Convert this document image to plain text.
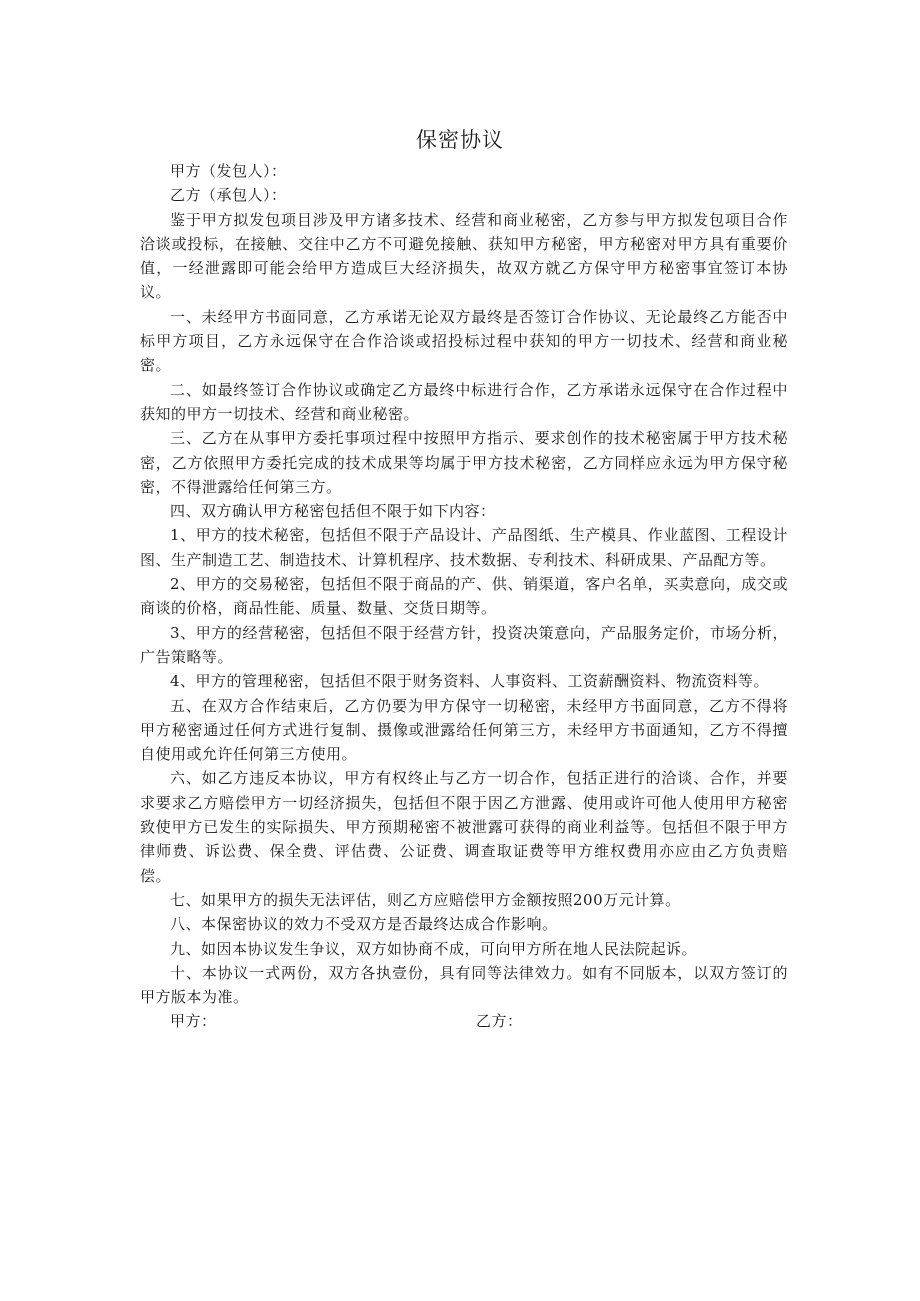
保密协议

甲方（发包人）：

乙方（承包人）：

鉴于甲方拟发包项目涉及甲方诸多技术、经营和商业秘密，乙方参与甲方拟发包项目合作洽谈或投标，在接触、交往中乙方不可避免接触、获知甲方秘密，甲方秘密对甲方具有重要价值，一经泄露即可能会给甲方造成巨大经济损失，故双方就乙方保守甲方秘密事宜签订本协议。

一、未经甲方书面同意，乙方承诺无论双方最终是否签订合作协议、无论最终乙方能否中标甲方项目，乙方永远保守在合作洽谈或招投标过程中获知的甲方一切技术、经营和商业秘密。

二、如最终签订合作协议或确定乙方最终中标进行合作，乙方承诺永远保守在合作过程中获知的甲方一切技术、经营和商业秘密。

三、乙方在从事甲方委托事项过程中按照甲方指示、要求创作的技术秘密属于甲方技术秘密，乙方依照甲方委托完成的技术成果等均属于甲方技术秘密，乙方同样应永远为甲方保守秘密，不得泄露给任何第三方。

四、双方确认甲方秘密包括但不限于如下内容：

1、甲方的技术秘密，包括但不限于产品设计、产品图纸、生产模具、作业蓝图、工程设计图、生产制造工艺、制造技术、计算机程序、技术数据、专利技术、科研成果、产品配方等。

2、甲方的交易秘密，包括但不限于商品的产、供、销渠道，客户名单，买卖意向，成交或商谈的价格，商品性能、质量、数量、交货日期等。

3、甲方的经营秘密，包括但不限于经营方针，投资决策意向，产品服务定价，市场分析，广告策略等。

4、甲方的管理秘密，包括但不限于财务资料、人事资料、工资薪酬资料、物流资料等。

五、在双方合作结束后，乙方仍要为甲方保守一切秘密，未经甲方书面同意，乙方不得将甲方秘密通过任何方式进行复制、摄像或泄露给任何第三方，未经甲方书面通知，乙方不得擅自使用或允许任何第三方使用。

六、如乙方违反本协议，甲方有权终止与乙方一切合作，包括正进行的洽谈、合作，并要求要求乙方赔偿甲方一切经济损失，包括但不限于因乙方泄露、使用或许可他人使用甲方秘密致使甲方已发生的实际损失、甲方预期秘密不被泄露可获得的商业利益等。包括但不限于甲方律师费、诉讼费、保全费、评估费、公证费、调查取证费等甲方维权费用亦应由乙方负责赔偿。

七、如果甲方的损失无法评估，则乙方应赔偿甲方金额按照200万元计算。

八、本保密协议的效力不受双方是否最终达成合作影响。

九、如因本协议发生争议，双方如协商不成，可向甲方所在地人民法院起诉。

十、本协议一式两份，双方各执壹份，具有同等法律效力。如有不同版本，以双方签订的甲方版本为准。

甲方：	乙方：
